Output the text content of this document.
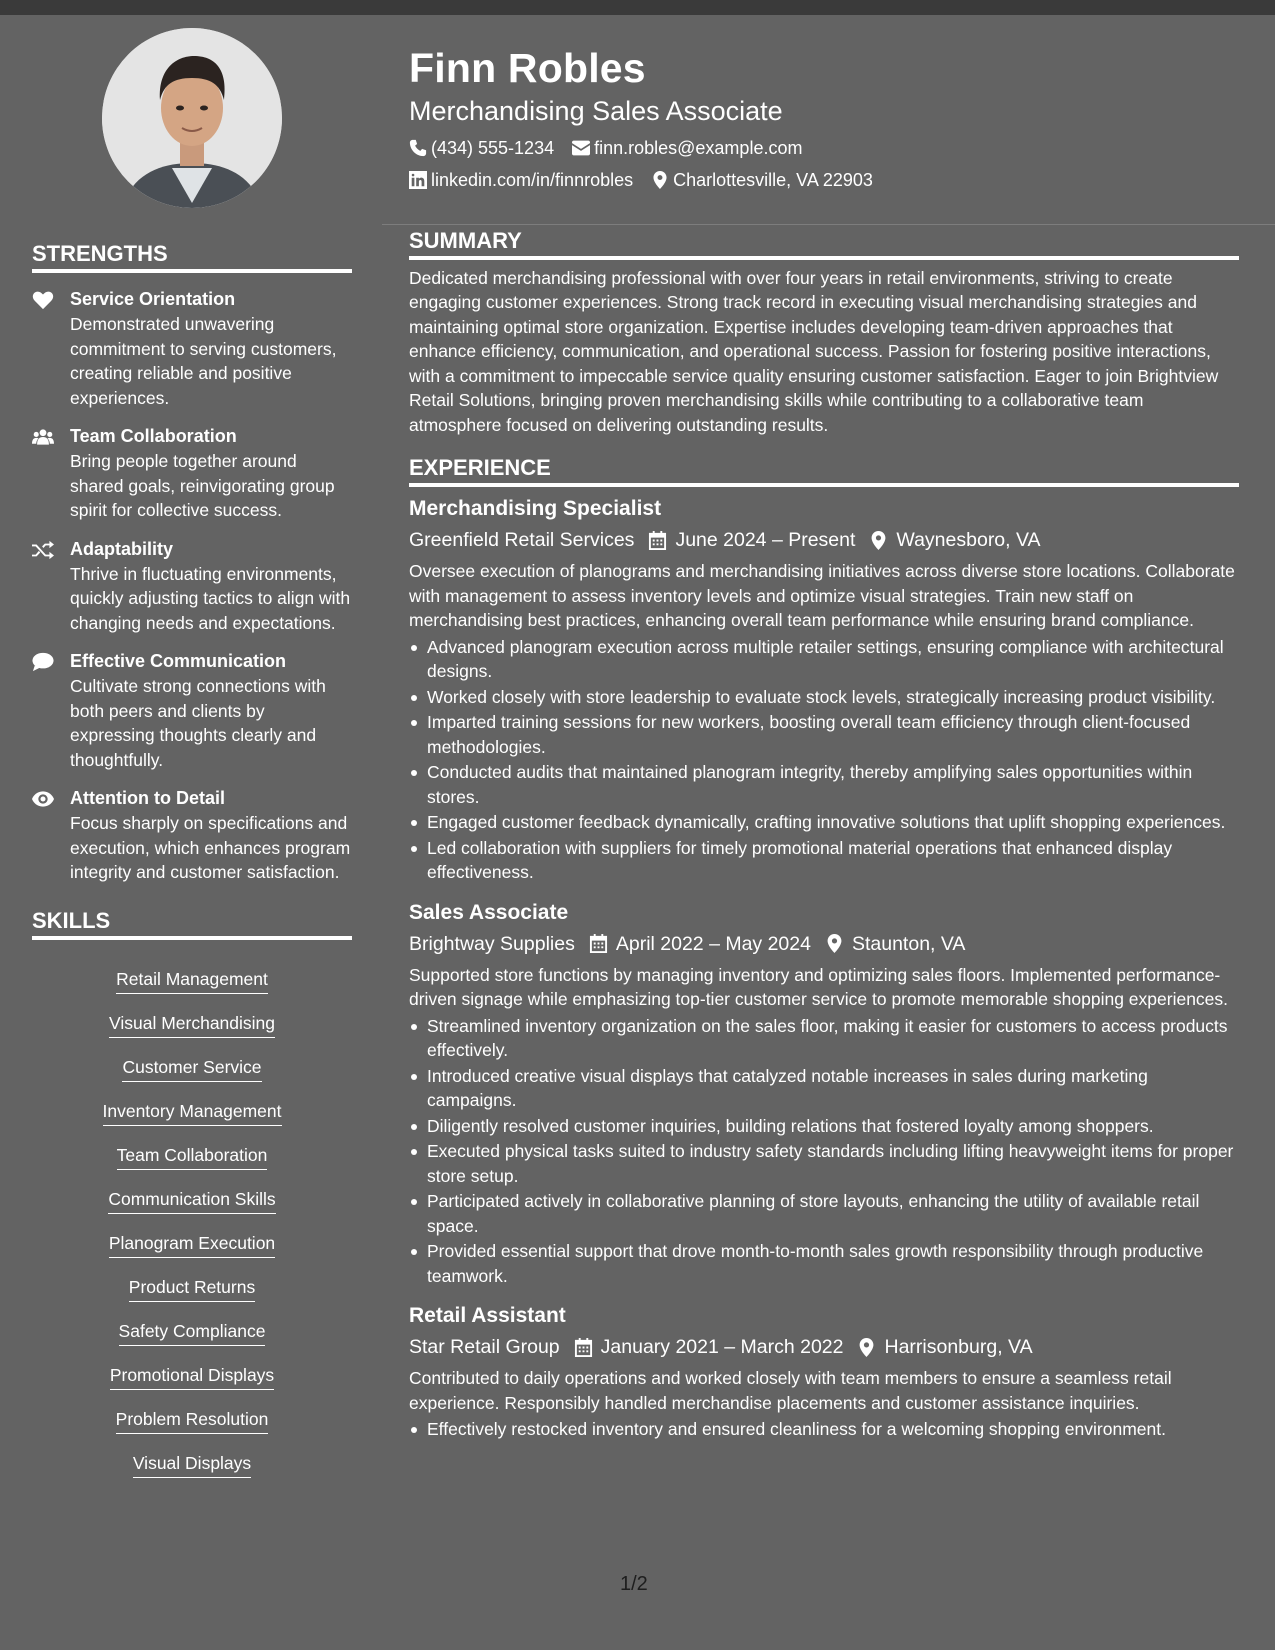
STRENGTHS
Service Orientation
Demonstrated unwavering commitment to serving customers, creating reliable and positive experiences.
Team Collaboration
Bring people together around shared goals, reinvigorating group spirit for collective success.
Adaptability
Thrive in fluctuating environments, quickly adjusting tactics to align with changing needs and expectations.
Effective Communication
Cultivate strong connections with both peers and clients by expressing thoughts clearly and thoughtfully.
Attention to Detail
Focus sharply on specifications and execution, which enhances program integrity and customer satisfaction.
SKILLS
Retail Management
Visual Merchandising
Customer Service
Inventory Management
Team Collaboration
Communication Skills
Planogram Execution
Product Returns
Safety Compliance
Promotional Displays
Problem Resolution
Visual Displays
Finn Robles
Merchandising Sales Associate
(434) 555-1234 finn.robles@example.com
linkedin.com/in/finnrobles Charlottesville, VA 22903
SUMMARY
Dedicated merchandising professional with over four years in retail environments, striving to create engaging customer experiences. Strong track record in executing visual merchandising strategies and maintaining optimal store organization. Expertise includes developing team-driven approaches that enhance efficiency, communication, and operational success. Passion for fostering positive interactions, with a commitment to impeccable service quality ensuring customer satisfaction. Eager to join Brightview Retail Solutions, bringing proven merchandising skills while contributing to a collaborative team atmosphere focused on delivering outstanding results.
EXPERIENCE
Merchandising Specialist
Greenfield Retail Services June 2024 – Present Waynesboro, VA
Oversee execution of planograms and merchandising initiatives across diverse store locations. Collaborate with management to assess inventory levels and optimize visual strategies. Train new staff on merchandising best practices, enhancing overall team performance while ensuring brand compliance.
Advanced planogram execution across multiple retailer settings, ensuring compliance with architectural designs.
Worked closely with store leadership to evaluate stock levels, strategically increasing product visibility.
Imparted training sessions for new workers, boosting overall team efficiency through client-focused methodologies.
Conducted audits that maintained planogram integrity, thereby amplifying sales opportunities within stores.
Engaged customer feedback dynamically, crafting innovative solutions that uplift shopping experiences.
Led collaboration with suppliers for timely promotional material operations that enhanced display effectiveness.
Sales Associate
Brightway Supplies April 2022 – May 2024 Staunton, VA
Supported store functions by managing inventory and optimizing sales floors. Implemented performance-driven signage while emphasizing top-tier customer service to promote memorable shopping experiences.
Streamlined inventory organization on the sales floor, making it easier for customers to access products effectively.
Introduced creative visual displays that catalyzed notable increases in sales during marketing campaigns.
Diligently resolved customer inquiries, building relations that fostered loyalty among shoppers.
Executed physical tasks suited to industry safety standards including lifting heavyweight items for proper store setup.
Participated actively in collaborative planning of store layouts, enhancing the utility of available retail space.
Provided essential support that drove month-to-month sales growth responsibility through productive teamwork.
Retail Assistant
Star Retail Group January 2021 – March 2022 Harrisonburg, VA
Contributed to daily operations and worked closely with team members to ensure a seamless retail experience. Responsibly handled merchandise placements and customer assistance inquiries.
Effectively restocked inventory and ensured cleanliness for a welcoming shopping environment.
1/2
